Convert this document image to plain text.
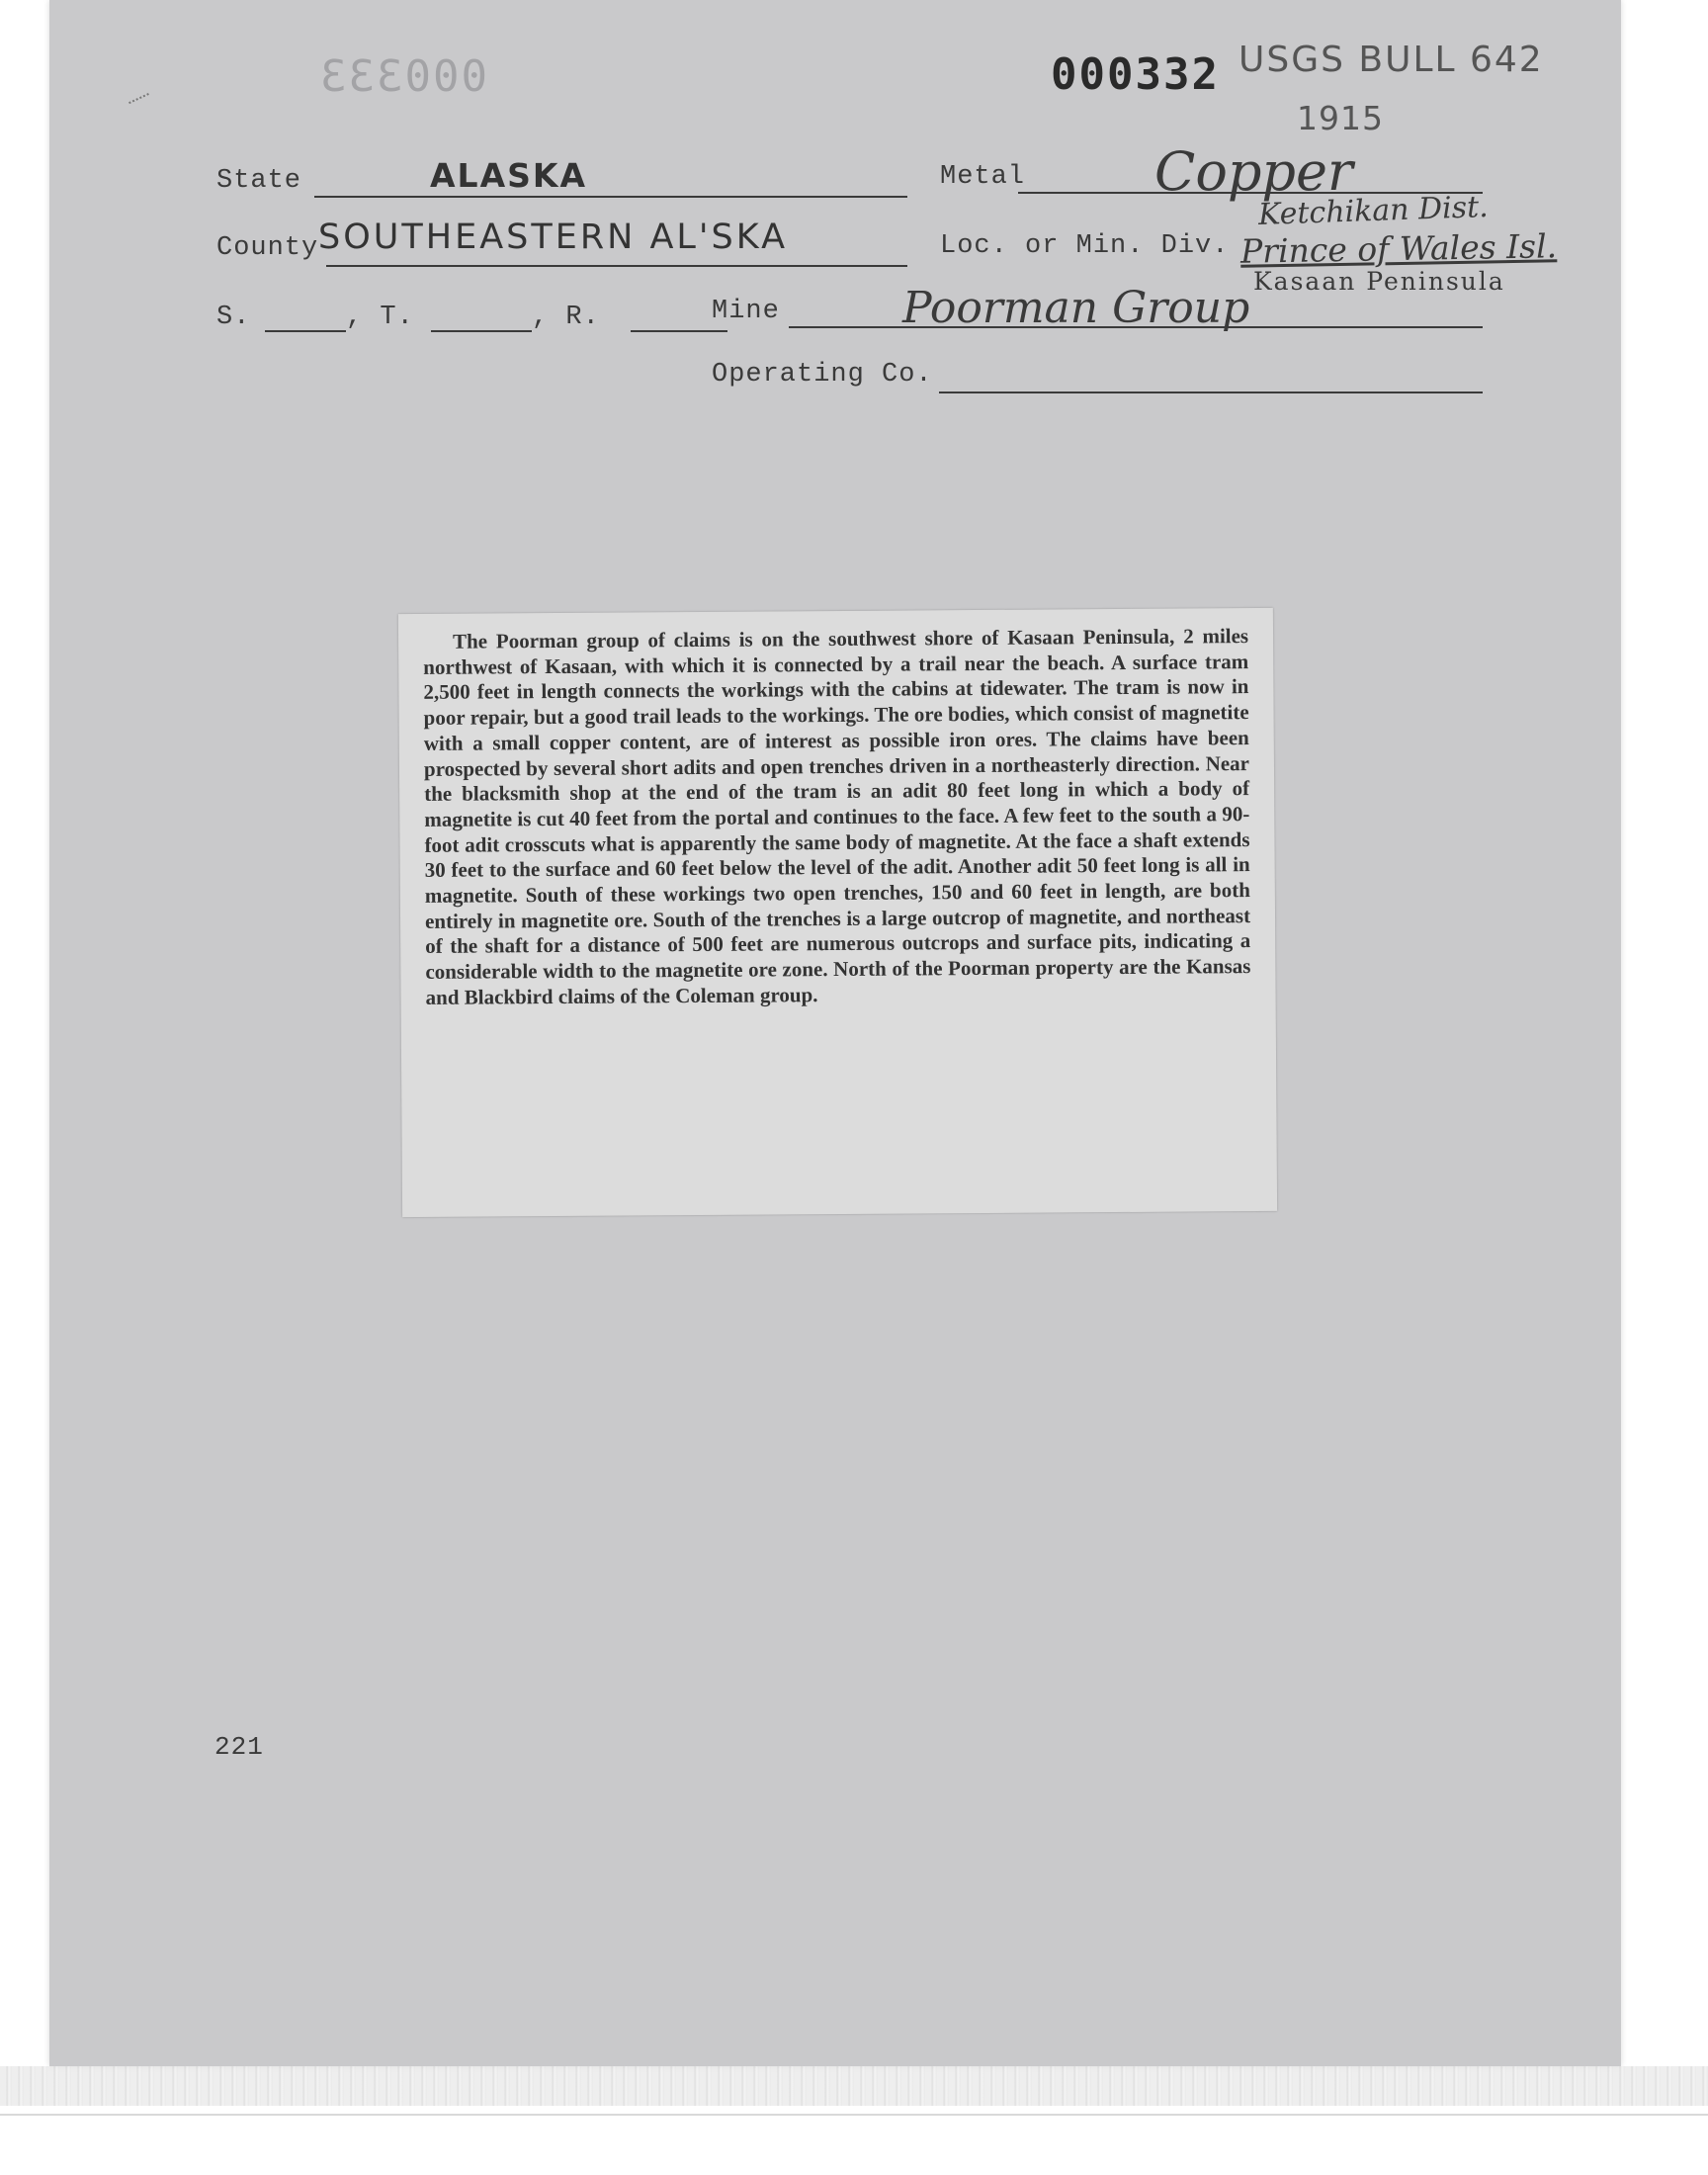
000333	000332 USGS BULL 642
1915
State	ALASKA	Metal Copper
County SOUTHEASTERN AL'SKA	Loc. or Min. Div.
Ketchikan Dist.
Prince of Wales Isl.
Kasaan Peninsula
S.	, T.	, R.	Mine	Poorman Group
Operating Co.
The Poorman group of claims is on the southwest shore of Kasaan Peninsula, 2 miles northwest of Kasaan, with which it is connected by a trail near the beach. A surface tram 2,500 feet in length connects the workings with the cabins at tidewater. The tram is now in poor repair, but a good trail leads to the workings. The ore bodies, which consist of magnetite with a small copper content, are of interest as possible iron ores. The claims have been prospected by several short adits and open trenches driven in a northeasterly direction. Near the blacksmith shop at the end of the tram is an adit 80 feet long in which a body of magnetite is cut 40 feet from the portal and continues to the face. A few feet to the south a 90-foot adit crosscuts what is apparently the same body of magnetite. At the face a shaft extends 30 feet to the surface and 60 feet below the level of the adit. Another adit 50 feet long is all in magnetite. South of these workings two open trenches, 150 and 60 feet in length, are both entirely in magnetite ore. South of the trenches is a large outcrop of magnetite, and northeast of the shaft for a distance of 500 feet are numerous outcrops and surface pits, indicating a considerable width to the magnetite ore zone. North of the Poorman property are the Kansas and Blackbird claims of the Coleman group.
221
